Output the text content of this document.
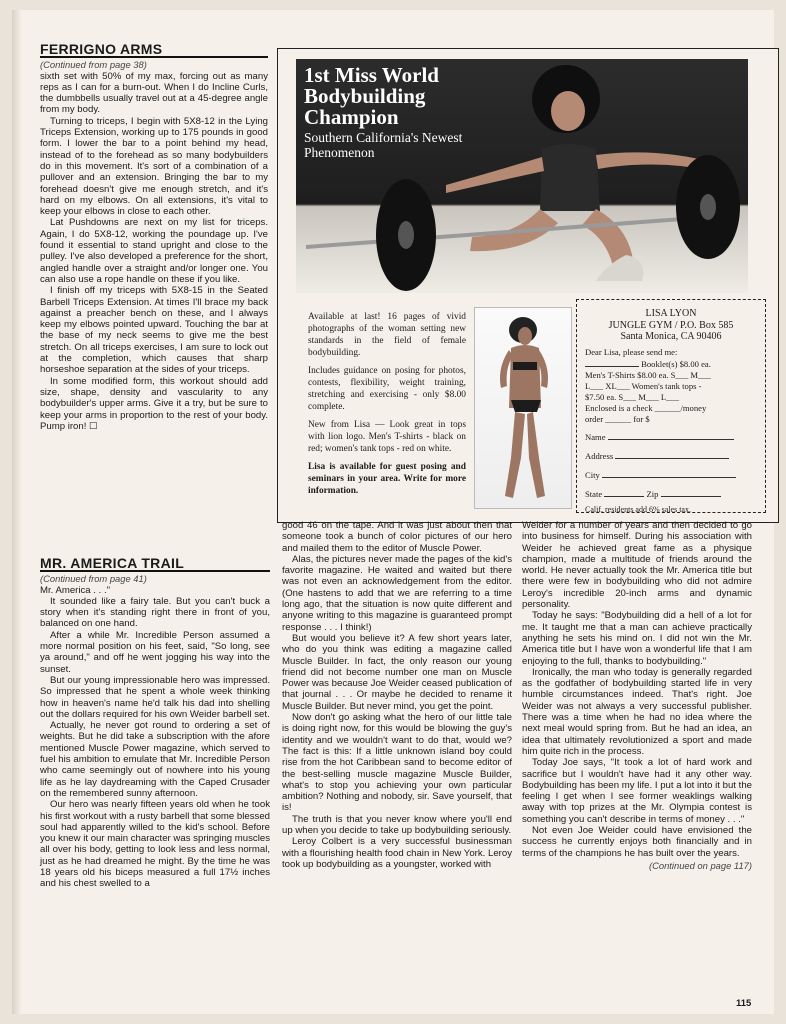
FERRIGNO ARMS
(Continued from page 38)

sixth set with 50% of my max, forcing out as many reps as I can for a burn-out. When I do Incline Curls, the dumbbells usually travel out at a 45-degree angle from my body.

Turning to triceps, I begin with 5X8-12 in the Lying Triceps Extension, working up to 175 pounds in good form. I lower the bar to a point behind my head, instead of to the forehead as so many bodybuilders do in this movement. It's sort of a combination of a pullover and an extension. Bringing the bar to my forehead doesn't give me enough stretch, and it's hard on my elbows. On all extensions, it's vital to keep your elbows in close to each other.

Lat Pushdowns are next on my list for triceps. Again, I do 5X8-12, working the poundage up. I've found it essential to stand upright and close to the pulley. I've also developed a preference for the short, angled handle over a straight and/or longer one. You can also use a rope handle on these if you like.

I finish off my triceps with 5X8-15 in the Seated Barbell Triceps Extension. At times I'll brace my back against a preacher bench on these, and I always keep my elbows pointed upward. Touching the bar at the base of my neck seems to give me the best stretch. On all triceps exercises, I am sure to lock out at the completion, which causes that sharp horseshoe separation at the sides of your triceps.

In some modified form, this workout should add size, shape, density and vascularity to any bodybuilder's upper arms. Give it a try, but be sure to keep your arms in proportion to the rest of your body. Pump iron! ☐

1st Miss World Bodybuilding Champion
Southern California's Newest Phenomenon

Available at last! 16 pages of vivid photographs of the woman setting new standards in the field of female bodybuilding.

Includes guidance on posing for photos, contests, flexibility, weight training, stretching and exercising - only $8.00 complete.

New from Lisa — Look great in tops with lion logo. Men's T-shirts - black on red; women's tank tops - red on white.

Lisa is available for guest posing and seminars in your area. Write for more information.

LISA LYON
JUNGLE GYM / P.O. Box 585
Santa Monica, CA 90406

Dear Lisa, please send me:

Booklet(s) $8.00 ea.

Men's T-Shirts $8.00 ea. S___ M___

L___ XL___ Women's tank tops -

$7.50 ea. S___ M___ L___

Enclosed is a check ______/money

order ______ for $

Name

Address

City

State	Zip

Calif. residents add 6% sales tax.

MR. AMERICA TRAIL
(Continued from page 41)

Mr. America . . ."

It sounded like a fairy tale. But you can't buck a story when it's standing right there in front of you, balanced on one hand.

After a while Mr. Incredible Person assumed a more normal position on his feet, said, "So long, see ya around," and off he went jogging his way into the sunset.

But our young impressionable hero was impressed. So impressed that he spent a whole week thinking how in heaven's name he'd talk his dad into shelling out the dollars required for his own Weider barbell set.

Actually, he never got round to ordering a set of weights. But he did take a subscription with the afore mentioned Muscle Power magazine, which served to fuel his ambition to emulate that Mr. Incredible Person who came seemingly out of nowhere into his young life as he lay daydreaming with the Caped Crusader on the remembered sunny afternoon.

Our hero was nearly fifteen years old when he took his first workout with a rusty barbell that some blessed soul had apparently willed to the kid's school. Before you knew it our main character was springing muscles all over his body, getting to look less and less normal, just as he had dreamed he might. By the time he was 18 years old his biceps measured a full 17½ inches and his chest swelled to a

good 46 on the tape. And it was just about then that someone took a bunch of color pictures of our hero and mailed them to the editor of Muscle Power.

Alas, the pictures never made the pages of the kid's favorite magazine. He waited and waited but there was not even an acknowledgement from the editor. (One hastens to add that we are referring to a time long ago, that the situation is now quite different and anyone writing to this magazine is guaranteed prompt response . . . I think!)

But would you believe it? A few short years later, who do you think was editing a magazine called Muscle Builder. In fact, the only reason our young friend did not become number one man on Muscle Power was because Joe Weider ceased publication of that journal . . . Or maybe he decided to rename it Muscle Builder. But never mind, you get the point.

Now don't go asking what the hero of our little tale is doing right now, for this would be blowing the guy's identity and we wouldn't want to do that, would we? The fact is this: If a little unknown island boy could rise from the hot Caribbean sand to become editor of the best-selling muscle magazine Muscle Builder, what's to stop you achieving your own particular ambition? Nothing and nobody, sir. Save yourself, that is!

The truth is that you never know where you'll end up when you decide to take up bodybuilding seriously.

Leroy Colbert is a very successful businessman with a flourishing health food chain in New York. Leroy took up bodybuilding as a youngster, worked with

Weider for a number of years and then decided to go into business for himself. During his association with Weider he achieved great fame as a physique champion, made a multitude of friends around the world. He never actually took the Mr. America title but there were few in bodybuilding who did not admire Leroy's incredible 20-inch arms and dynamic personality.

Today he says: "Bodybuilding did a hell of a lot for me. It taught me that a man can achieve practically anything he sets his mind on. I did not win the Mr. America title but I have won a wonderful life that I am enjoying to the full, thanks to bodybuilding."

Ironically, the man who today is generally regarded as the godfather of bodybuilding started life in very humble circumstances indeed. That's right. Joe Weider was not always a very successful publisher. There was a time when he had no idea where the next meal would spring from. But he had an idea, an idea that ultimately revolutionized a sport and made him quite rich in the process.

Today Joe says, "It took a lot of hard work and sacrifice but I wouldn't have had it any other way. Bodybuilding has been my life. I put a lot into it but the feeling I get when I see former weaklings walking away with top prizes at the Mr. Olympia contest is something you can't describe in terms of money . . ."

Not even Joe Weider could have envisioned the success he currently enjoys both financially and in terms of the champions he has built over the years.

(Continued on page 117)
115
